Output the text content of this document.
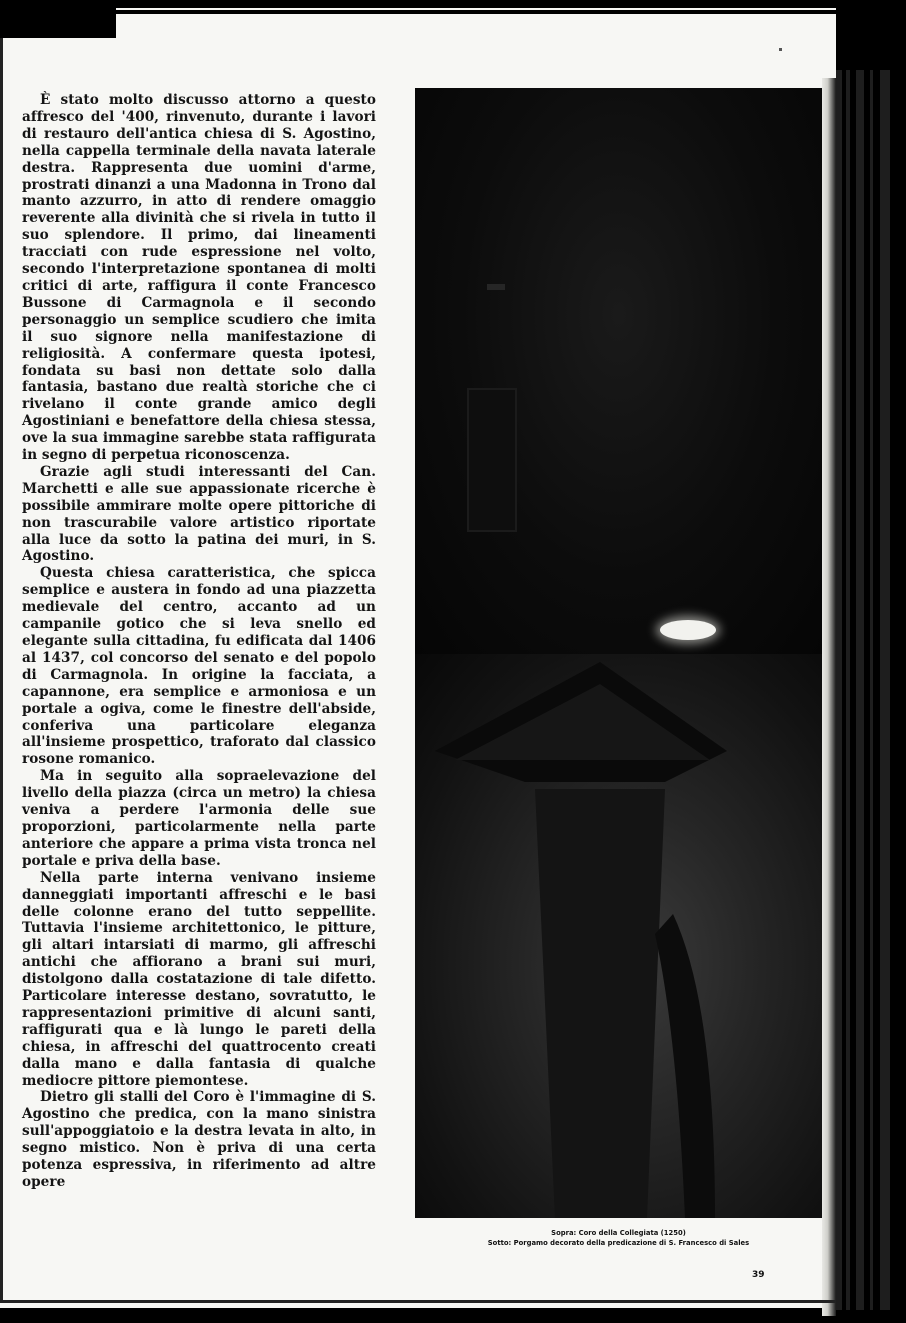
È stato molto discusso attorno a questo affresco del '400, rinvenuto, durante i lavori di restauro dell'antica chiesa di S. Agostino, nella cappella terminale della navata laterale destra. Rappresenta due uomini d'arme, prostrati dinanzi a una Madonna in Trono dal manto azzurro, in atto di rendere omaggio reverente alla divinità che si rivela in tutto il suo splendore. Il primo, dai lineamenti tracciati con rude espressione nel volto, secondo l'interpretazione spontanea di molti critici di arte, raffigura il conte Francesco Bussone di Carmagnola e il secondo personaggio un semplice scudiero che imita il suo signore nella manifestazione di religiosità. A confermare questa ipotesi, fondata su basi non dettate solo dalla fantasia, bastano due realtà storiche che ci rivelano il conte grande amico degli Agostiniani e benefattore della chiesa stessa, ove la sua immagine sarebbe stata raffigurata in segno di perpetua riconoscenza.

Grazie agli studi interessanti del Can. Marchetti e alle sue appassionate ricerche è possibile ammirare molte opere pittoriche di non trascurabile valore artistico riportate alla luce da sotto la patina dei muri, in S. Agostino.

Questa chiesa caratteristica, che spicca semplice e austera in fondo ad una piazzetta medievale del centro, accanto ad un campanile gotico che si leva snello ed elegante sulla cittadina, fu edificata dal 1406 al 1437, col concorso del senato e del popolo di Carmagnola. In origine la facciata, a capannone, era semplice e armoniosa e un portale a ogiva, come le finestre dell'abside, conferiva una particolare eleganza all'insieme prospettico, traforato dal classico rosone romanico.

Ma in seguito alla sopraelevazione del livello della piazza (circa un metro) la chiesa veniva a perdere l'armonia delle sue proporzioni, particolarmente nella parte anteriore che appare a prima vista tronca nel portale e priva della base.

Nella parte interna venivano insieme danneggiati importanti affreschi e le basi delle colonne erano del tutto seppellite. Tuttavia l'insieme architettonico, le pitture, gli altari intarsiati di marmo, gli affreschi antichi che affiorano a brani sui muri, distolgono dalla costatazione di tale difetto. Particolare interesse destano, sovratutto, le rappresentazioni primitive di alcuni santi, raffigurati qua e là lungo le pareti della chiesa, in affreschi del quattrocento creati dalla mano e dalla fantasia di qualche mediocre pittore piemontese.

Dietro gli stalli del Coro è l'immagine di S. Agostino che predica, con la mano sinistra sull'appoggiatoio e la destra levata in alto, in segno mistico. Non è priva di una certa potenza espressiva, in riferimento ad altre opere

Sopra: Coro della Collegiata (1250)
Sotto: Porgamo decorato della predicazione di S. Francesco di Sales
39
